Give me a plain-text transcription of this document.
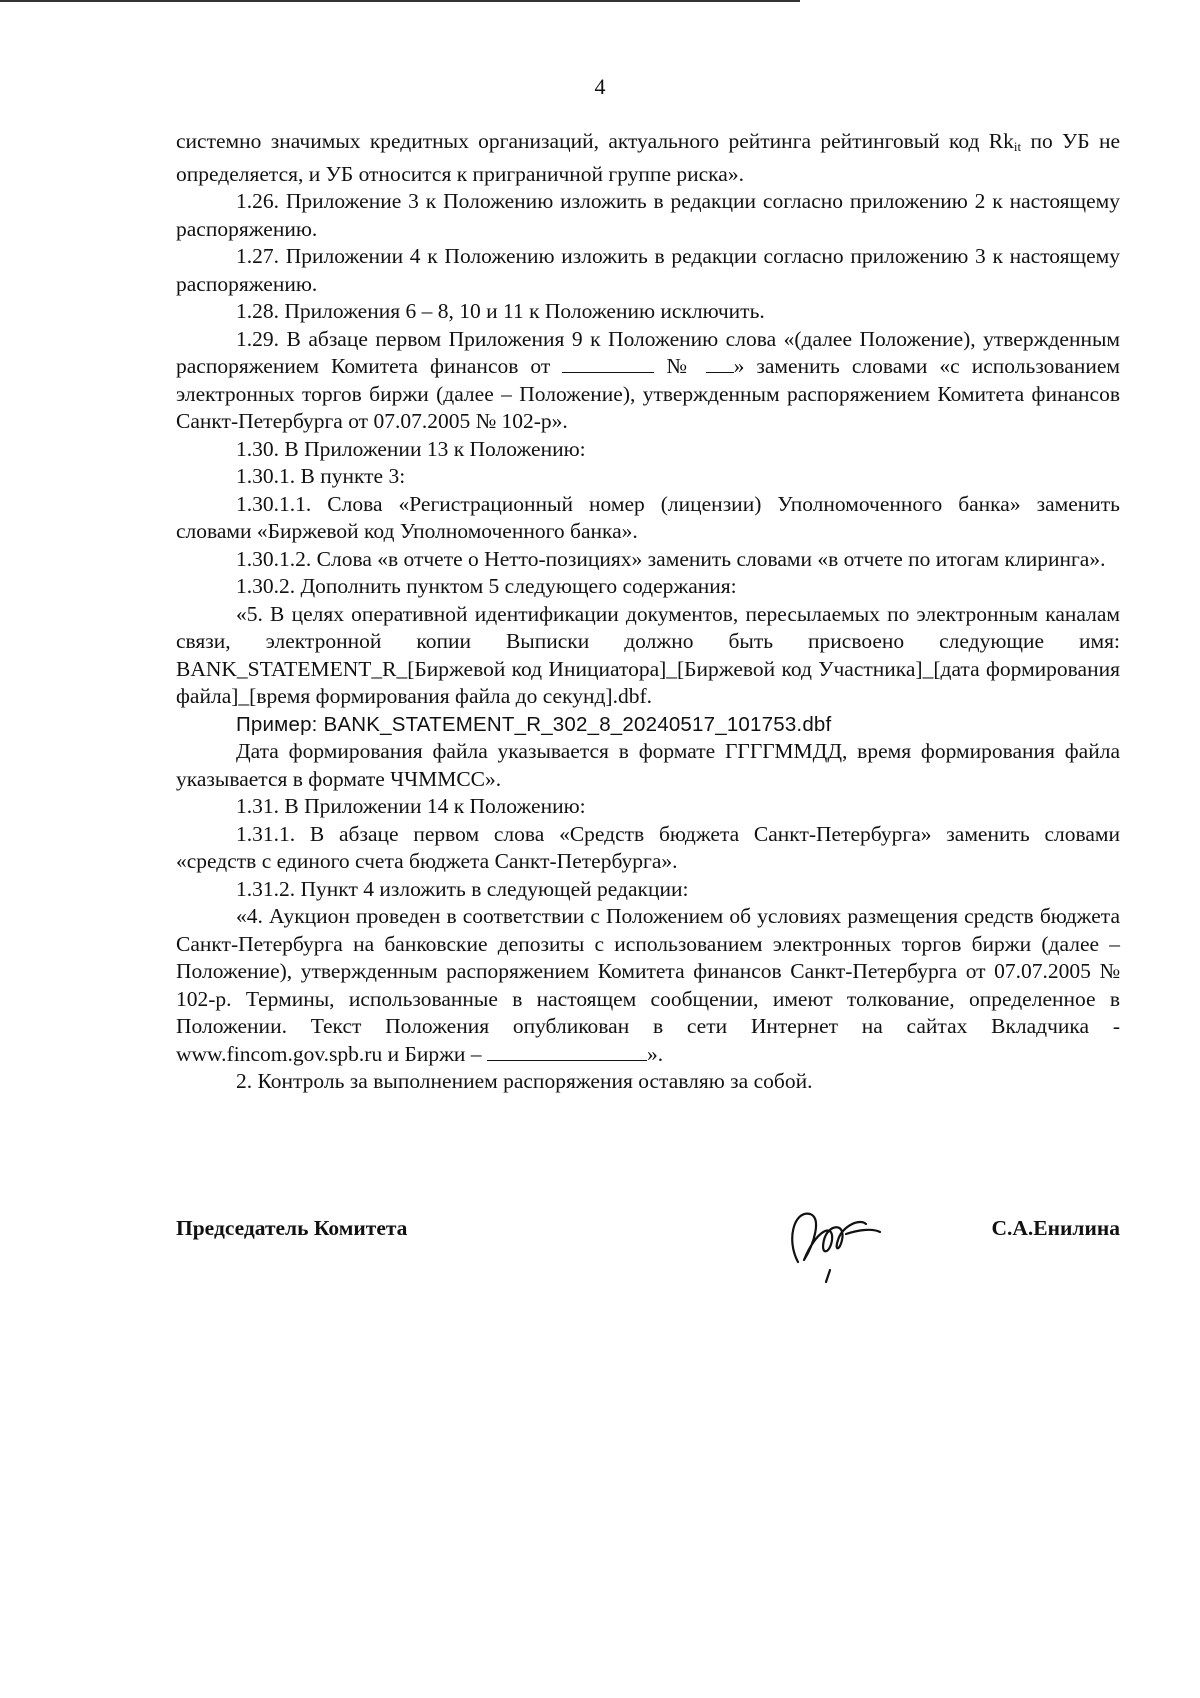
4

системно значимых кредитных организаций, актуального рейтинга рейтинговый код $Rk_{it}$ по УБ не определяется, и УБ относится к приграничной группе риска».

1.26. Приложение 3 к Положению изложить в редакции согласно приложению 2 к настоящему распоряжению.

1.27. Приложении 4 к Положению изложить в редакции согласно приложению 3 к настоящему распоряжению.

1.28. Приложения 6 – 8, 10 и 11 к Положению исключить.

1.29. В абзаце первом Приложения 9 к Положению слова «(далее Положение), утвержденным распоряжением Комитета финансов от	№ » заменить словами «с использованием электронных торгов биржи (далее – Положение), утвержденным распоряжением Комитета финансов Санкт-Петербурга от 07.07.2005 № 102-р».

1.30. В Приложении 13 к Положению:

1.30.1. В пункте 3:

1.30.1.1. Слова «Регистрационный номер (лицензии) Уполномоченного банка» заменить словами «Биржевой код Уполномоченного банка».

1.30.1.2. Слова «в отчете о Нетто-позициях» заменить словами «в отчете по итогам клиринга».

1.30.2. Дополнить пунктом 5 следующего содержания:

«5. В целях оперативной идентификации документов, пересылаемых по электронным каналам связи, электронной копии Выписки должно быть присвоено следующие имя: BANK_STATEMENT_R_[Биржевой код Инициатора]_[Биржевой код Участника]_[дата формирования файла]_[время формирования файла до секунд].dbf.

Пример: BANK_STATEMENT_R_302_8_20240517_101753.dbf

Дата формирования файла указывается в формате ГГГГММДД, время формирования файла указывается в формате ЧЧММСС».

1.31. В Приложении 14 к Положению:

1.31.1. В абзаце первом слова «Средств бюджета Санкт-Петербурга» заменить словами «средств с единого счета бюджета Санкт-Петербурга».

1.31.2. Пункт 4 изложить в следующей редакции:

«4. Аукцион проведен в соответствии с Положением об условиях размещения средств бюджета Санкт-Петербурга на банковские депозиты с использованием электронных торгов биржи (далее – Положение), утвержденным распоряжением Комитета финансов Санкт-Петербурга от 07.07.2005 № 102-р. Термины, использованные в настоящем сообщении, имеют толкование, определенное в Положении. Текст Положения опубликован в сети Интернет на сайтах Вкладчика - www.fincom.gov.spb.ru и Биржи –	».

2. Контроль за выполнением распоряжения оставляю за собой.

Председатель Комитета	С.А.Енилина
